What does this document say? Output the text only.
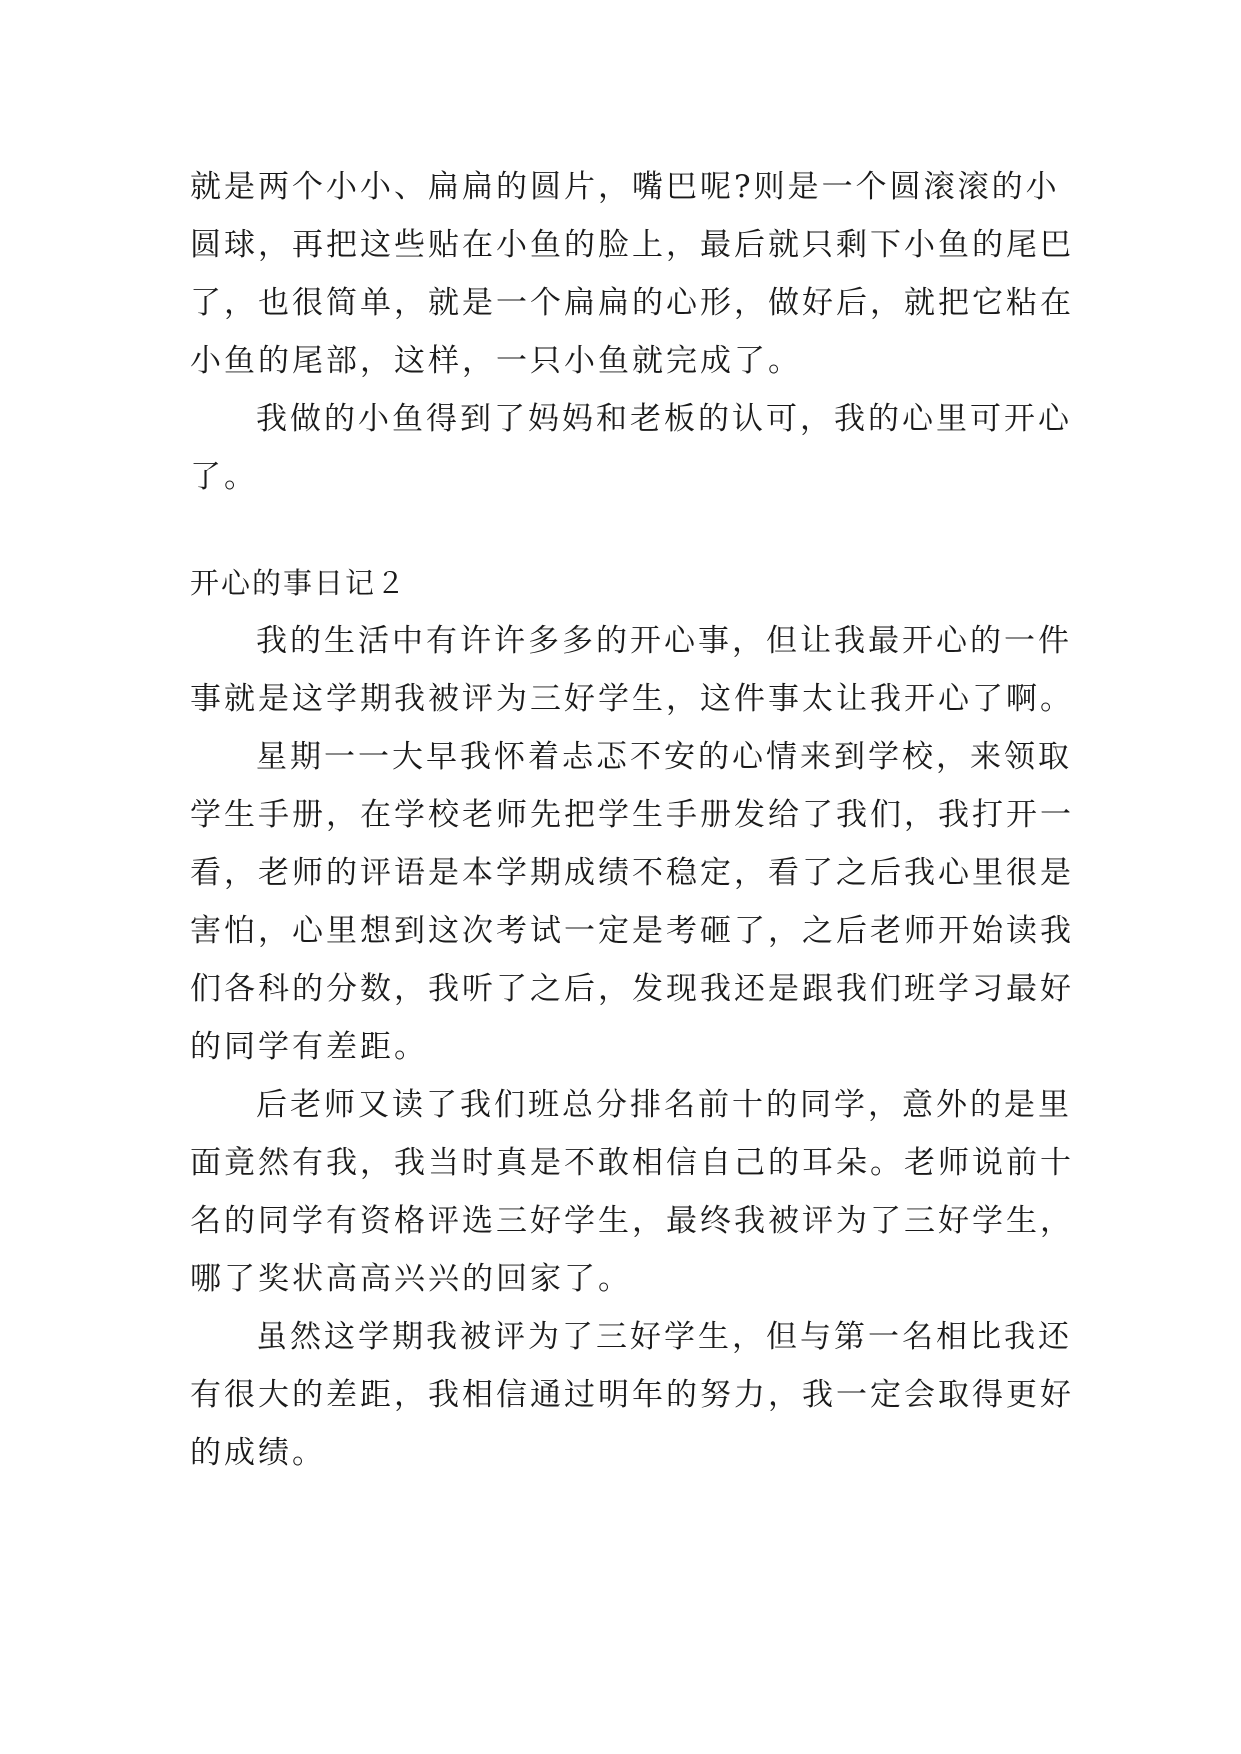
就是两个小小、扁扁的圆片，嘴巴呢?则是一个圆滚滚的小
圆球，再把这些贴在小鱼的脸上，最后就只剩下小鱼的尾巴
了，也很简单，就是一个扁扁的心形，做好后，就把它粘在
小鱼的尾部，这样，一只小鱼就完成了。
我做的小鱼得到了妈妈和老板的认可，我的心里可开心
了。
开心的事日记２
我的生活中有许许多多的开心事，但让我最开心的一件
事就是这学期我被评为三好学生，这件事太让我开心了啊。
星期一一大早我怀着忐忑不安的心情来到学校，来领取
学生手册，在学校老师先把学生手册发给了我们，我打开一
看，老师的评语是本学期成绩不稳定，看了之后我心里很是
害怕，心里想到这次考试一定是考砸了，之后老师开始读我
们各科的分数，我听了之后，发现我还是跟我们班学习最好
的同学有差距。
后老师又读了我们班总分排名前十的同学，意外的是里
面竟然有我，我当时真是不敢相信自己的耳朵。老师说前十
名的同学有资格评选三好学生，最终我被评为了三好学生，
哪了奖状高高兴兴的回家了。
虽然这学期我被评为了三好学生，但与第一名相比我还
有很大的差距，我相信通过明年的努力，我一定会取得更好
的成绩。
